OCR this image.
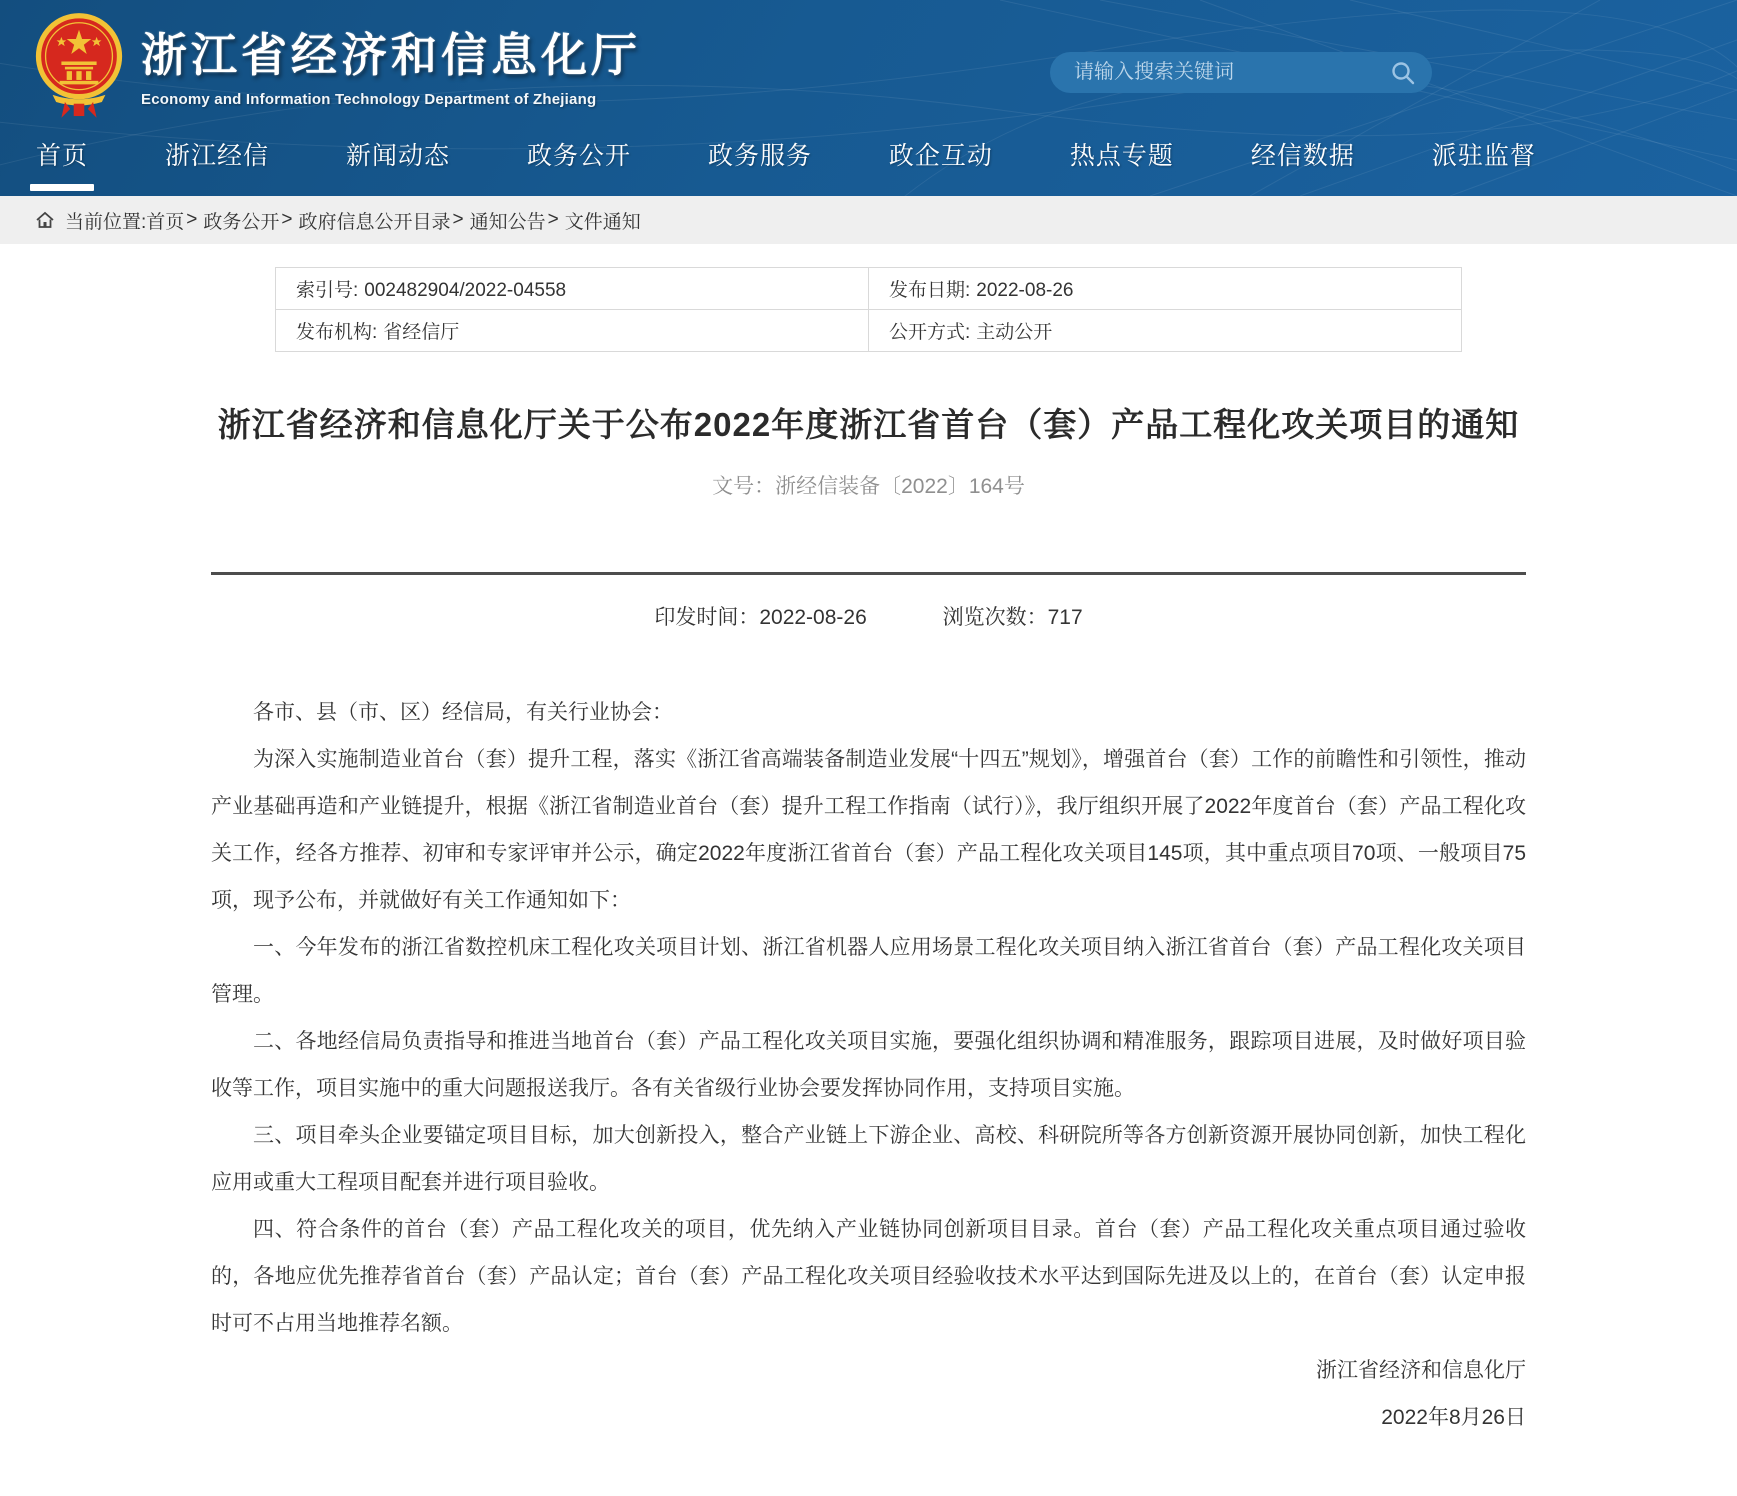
浙江省经济和信息化厅
Economy and Information Technology Department of Zhejiang
请输入搜索关键词
首页	浙江经信	新闻动态	政务公开	政务服务	政企互动	热点专题	经信数据	派驻监督
当前位置: 首页 > 政务公开 > 政府信息公开目录 > 通知公告 > 文件通知
索引号: 002482904/2022-04558	发布日期: 2022-08-26
发布机构: 省经信厅	公开方式: 主动公开
浙江省经济和信息化厅关于公布2022年度浙江省首台（套）产品工程化攻关项目的通知
文号：浙经信装备〔2022〕164号
印发时间：2022-08-26	浏览次数：717

各市、县（市、区）经信局，有关行业协会：

为深入实施制造业首台（套）提升工程，落实《浙江省高端装备制造业发展“十四五”规划》，增强首台（套）工作的前瞻性和引领性，推动产业基础再造和产业链提升，根据《浙江省制造业首台（套）提升工程工作指南（试行）》，我厅组织开展了2022年度首台（套）产品工程化攻关工作，经各方推荐、初审和专家评审并公示，确定2022年度浙江省首台（套）产品工程化攻关项目145项，其中重点项目70项、一般项目75项，现予公布，并就做好有关工作通知如下：

一、今年发布的浙江省数控机床工程化攻关项目计划、浙江省机器人应用场景工程化攻关项目纳入浙江省首台（套）产品工程化攻关项目管理。

二、各地经信局负责指导和推进当地首台（套）产品工程化攻关项目实施，要强化组织协调和精准服务，跟踪项目进展，及时做好项目验收等工作，项目实施中的重大问题报送我厅。各有关省级行业协会要发挥协同作用，支持项目实施。

三、项目牵头企业要锚定项目目标，加大创新投入，整合产业链上下游企业、高校、科研院所等各方创新资源开展协同创新，加快工程化应用或重大工程项目配套并进行项目验收。

四、符合条件的首台（套）产品工程化攻关的项目，优先纳入产业链协同创新项目目录。首台（套）产品工程化攻关重点项目通过验收的，各地应优先推荐省首台（套）产品认定；首台（套）产品工程化攻关项目经验收技术水平达到国际先进及以上的，在首台（套）认定申报时可不占用当地推荐名额。

浙江省经济和信息化厅
2022年8月26日
